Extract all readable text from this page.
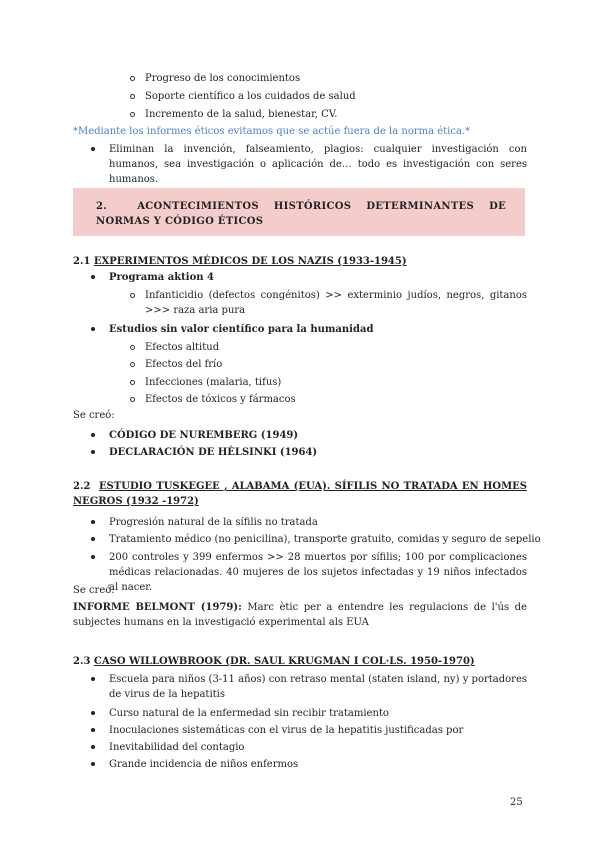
Progreso de los conocimientos
Soporte científico a los cuidados de salud
Incremento de la salud, bienestar, CV.
*Mediante los informes éticos evitamos que se actúe fuera de la norma ética.*
Eliminan la invención, falseamiento, plagios: cualquier investigación con humanos, sea investigación o aplicación de… todo es investigación con seres humanos.
2.	ACONTECIMIENTOS HISTÓRICOS DETERMINANTES DE NORMAS Y CÓDIGO ÉTICOS
2.1 EXPERIMENTOS MÉDICOS DE LOS NAZIS (1933-1945)
Programa aktion 4
Infanticidio (defectos congénitos) >> exterminio judíos, negros, gitanos >>> raza aria pura
Estudios sin valor científico para la humanidad
Efectos altitud
Efectos del frío
Infecciones (malaria, tifus)
Efectos de tóxicos y fármacos
Se creó:
CÓDIGO DE NUREMBERG (1949)
DECLARACIÓN DE HÈLSINKI (1964)
2.2 ESTUDIO TUSKEGEE , ALABAMA (EUA). SÍFILIS NO TRATADA EN HOMES NEGROS (1932 -1972)
Progresión natural de la sífilis no tratada
Tratamiento médico (no penicilina), transporte gratuito, comidas y seguro de sepelio
200 controles y 399 enfermos >> 28 muertos por sífilis; 100 por complicaciones médicas relacionadas. 40 mujeres de los sujetos infectadas y 19 niños infectados al nacer.
Se creó:
INFORME BELMONT (1979): Marc ètic per a entendre les regulacions de l'ús de subjectes humans en la investigació experimental als EUA
2.3 CASO WILLOWBROOK (DR. SAUL KRUGMAN I COL·LS. 1950-1970)
Escuela para niños (3-11 años) con retraso mental (staten island, ny) y portadores de virus de la hepatitis
Curso natural de la enfermedad sin recibir tratamiento
Inoculaciones sistemáticas con el virus de la hepatitis justificadas por
Inevitabilidad del contagio
Grande incidencia de niños enfermos
25
